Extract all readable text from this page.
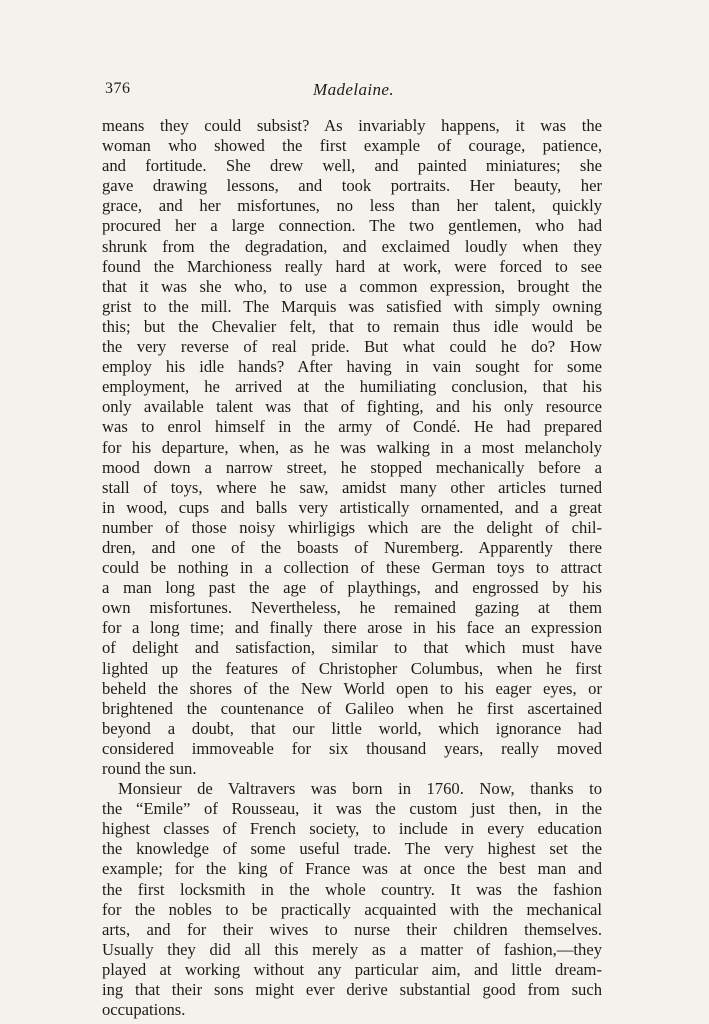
376	Madelaine.
means they could subsist? As invariably happens, it was the
woman who showed the first example of courage, patience,
and fortitude. She drew well, and painted miniatures; she
gave drawing lessons, and took portraits. Her beauty, her
grace, and her misfortunes, no less than her talent, quickly
procured her a large connection. The two gentlemen, who had
shrunk from the degradation, and exclaimed loudly when they
found the Marchioness really hard at work, were forced to see
that it was she who, to use a common expression, brought the
grist to the mill. The Marquis was satisfied with simply owning
this; but the Chevalier felt, that to remain thus idle would be
the very reverse of real pride. But what could he do? How
employ his idle hands? After having in vain sought for some
employment, he arrived at the humiliating conclusion, that his
only available talent was that of fighting, and his only resource
was to enrol himself in the army of Condé. He had prepared
for his departure, when, as he was walking in a most melancholy
mood down a narrow street, he stopped mechanically before a
stall of toys, where he saw, amidst many other articles turned
in wood, cups and balls very artistically ornamented, and a great
number of those noisy whirligigs which are the delight of chil-
dren, and one of the boasts of Nuremberg. Apparently there
could be nothing in a collection of these German toys to attract
a man long past the age of playthings, and engrossed by his
own misfortunes. Nevertheless, he remained gazing at them
for a long time; and finally there arose in his face an expression
of delight and satisfaction, similar to that which must have
lighted up the features of Christopher Columbus, when he first
beheld the shores of the New World open to his eager eyes, or
brightened the countenance of Galileo when he first ascertained
beyond a doubt, that our little world, which ignorance had
considered immoveable for six thousand years, really moved
round the sun.
Monsieur de Valtravers was born in 1760. Now, thanks to
the “Emile” of Rousseau, it was the custom just then, in the
highest classes of French society, to include in every education
the knowledge of some useful trade. The very highest set the
example; for the king of France was at once the best man and
the first locksmith in the whole country. It was the fashion
for the nobles to be practically acquainted with the mechanical
arts, and for their wives to nurse their children themselves.
Usually they did all this merely as a matter of fashion,—they
played at working without any particular aim, and little dream-
ing that their sons might ever derive substantial good from such
occupations.
